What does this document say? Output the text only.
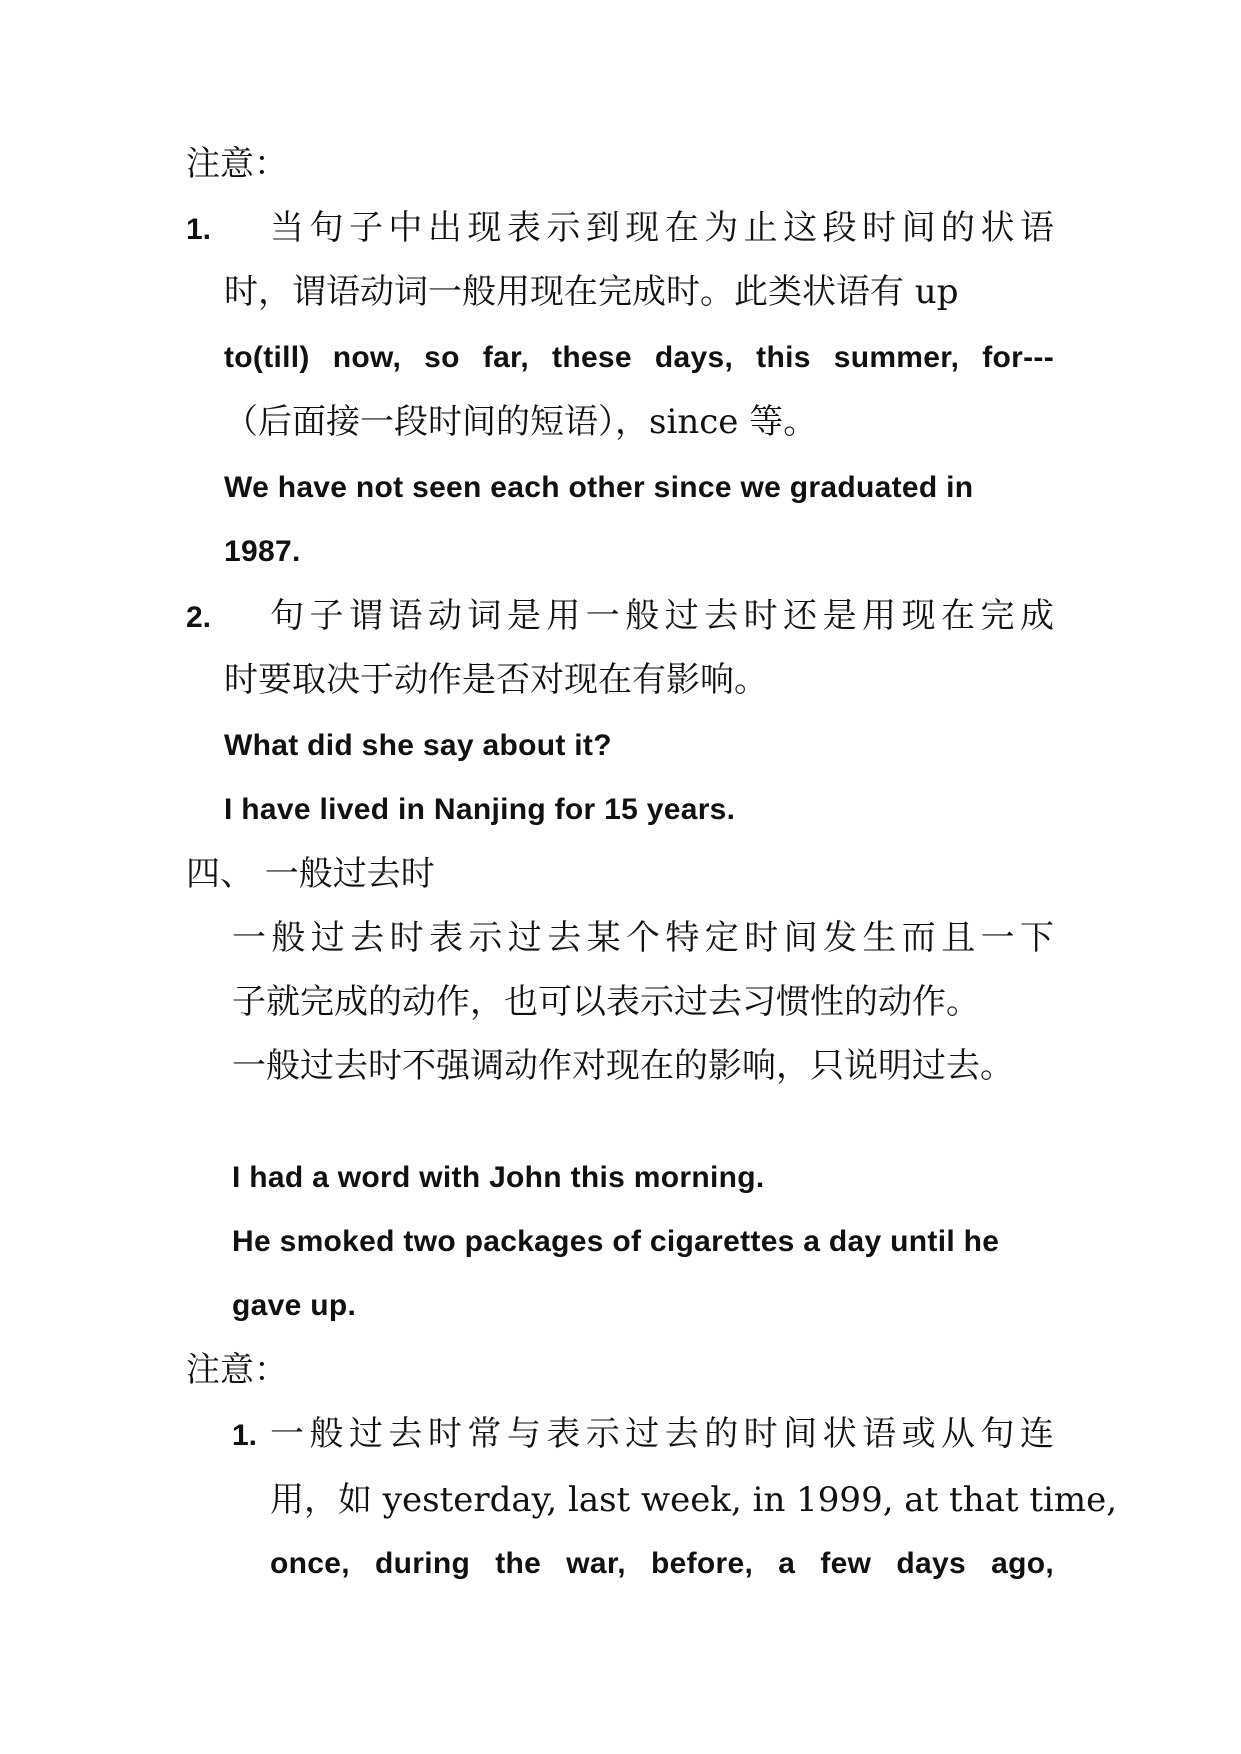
注意：
1. 当句子中出现表示到现在为止这段时间的状语
时，谓语动词一般用现在完成时。此类状语有 up
to(till) now, so far, these days, this summer, for---
（后面接一段时间的短语），since 等。
We have not seen each other since we graduated in
1987.
2. 句子谓语动词是用一般过去时还是用现在完成
时要取决于动作是否对现在有影响。
What did she say about it?
I have lived in Nanjing for 15 years.
四、 一般过去时
一般过去时表示过去某个特定时间发生而且一下
子就完成的动作，也可以表示过去习惯性的动作。
一般过去时不强调动作对现在的影响，只说明过去。
I had a word with John this morning.
He smoked two packages of cigarettes a day until he
gave up.
注意：
1. 一般过去时常与表示过去的时间状语或从句连
用，如 yesterday, last week, in 1999, at that time,
once, during the war, before, a few days ago,
